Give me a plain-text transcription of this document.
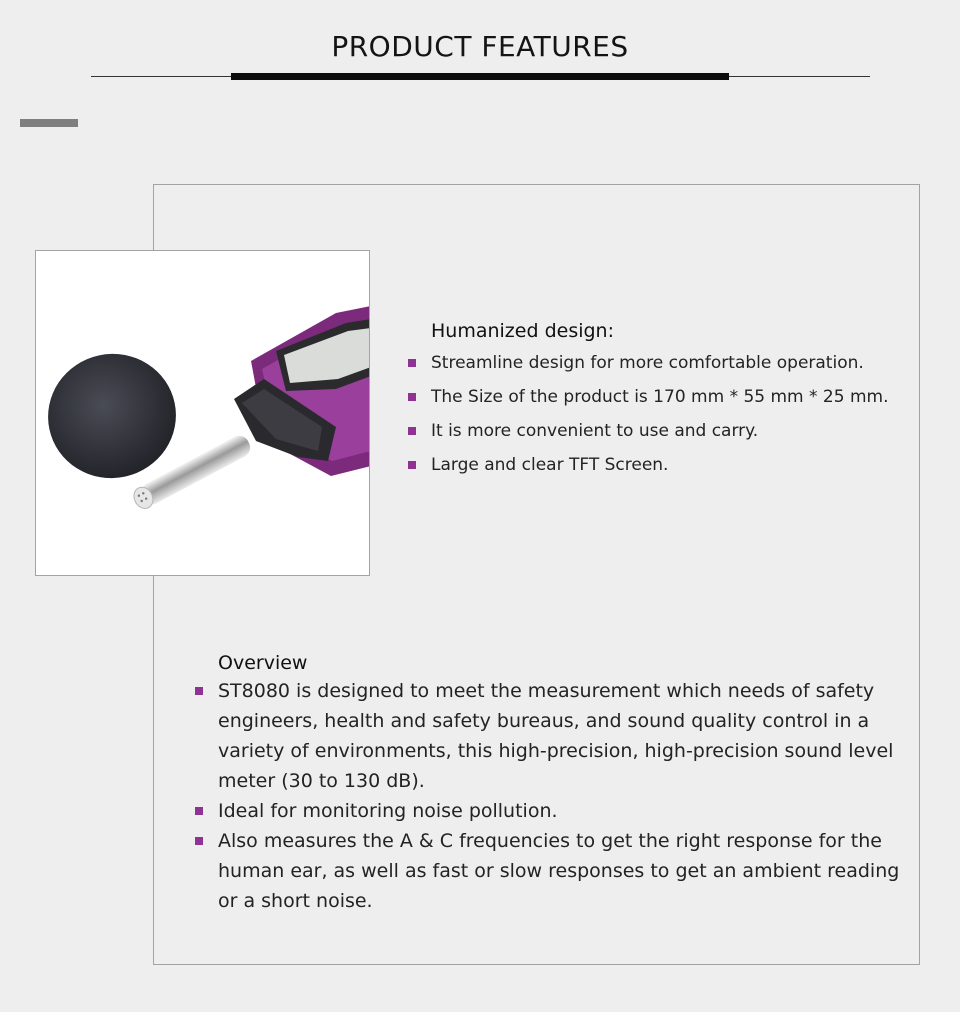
PRODUCT FEATURES
Humanized design:
Streamline design for more comfortable operation.
The Size of the product is 170 mm * 55 mm * 25 mm.
It is more convenient to use and carry.
Large and clear TFT Screen.
Overview
ST8080 is designed to meet the measurement which needs of safety engineers, health and safety bureaus, and sound quality control in a variety of environments, this high-precision, high-precision sound level meter (30 to 130 dB).
Ideal for monitoring noise pollution.
Also measures the A & C frequencies to get the right response for the human ear, as well as fast or slow responses to get an ambient reading or a short noise.
